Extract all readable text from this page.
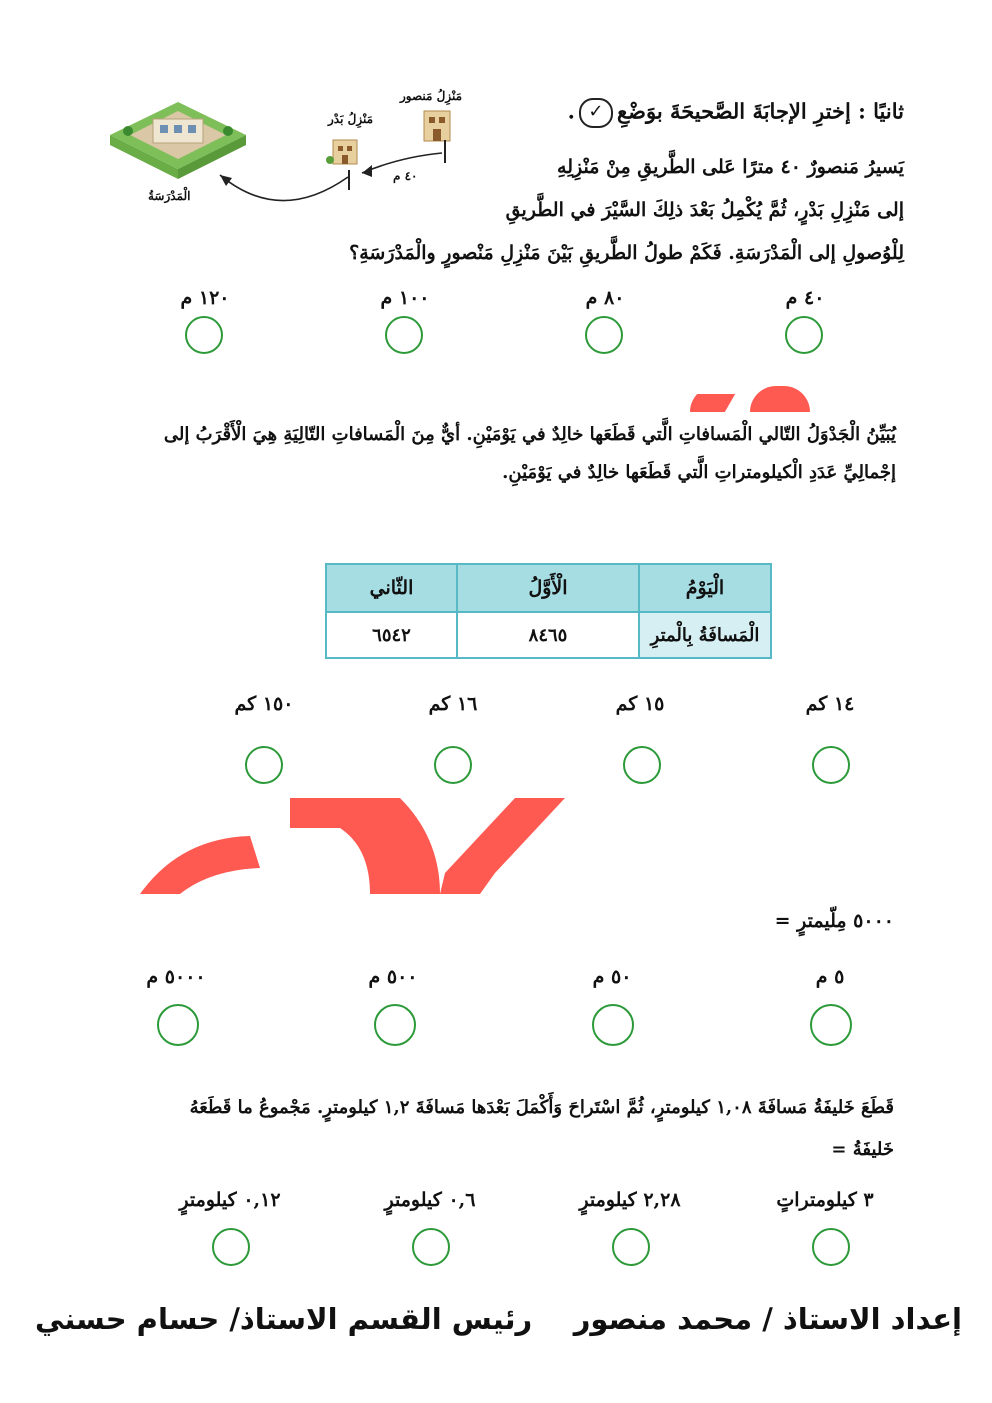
ثانيًا : إخترِ الإجابَةَ الصَّحيحَةَ بوَضْعِ✓.
الْمَدْرَسَةُ
مَنْزِلُ بَدْر
مَنْزِلُ مَنصور
٤٠ م	يَسيرُ مَنصورٌ ٤٠ مترًا عَلى الطَّريقِ مِنْ مَنْزِلِهِ
إلى مَنْزِلِ بَدْرٍ، ثُمَّ يُكْمِلُ بَعْدَ ذلِكَ السَّيْرَ في الطَّريقِ
لِلْوُصولِ إلى الْمَدْرَسَةِ. فَكَمْ طولُ الطَّريقِ بَيْنَ مَنْزِلِ مَنْصورٍ والْمَدْرَسَةِ؟
٤٠ م
٨٠ م
١٠٠ م
١٢٠ م
يُبَيِّنُ الْجَدْوَلُ التّالي الْمَسافاتِ الَّتي قَطَعَها خالِدٌ في يَوْمَيْنِ. أيٌّ مِنَ الْمَسافاتِ التّالِيَةِ هِيَ الْأَقْرَبُ إلى
إجْمالِيِّ عَدَدِ الْكيلومتراتِ الَّتي قَطَعَها خالِدٌ في يَوْمَيْنِ.
الْيَوْمُ	الْأَوَّلُ	الثّاني
الْمَسافَةُ بِالْمترِ	٨٤٦٥	٦٥٤٢
١٤ كم
١٥ كم
١٦ كم
١٥٠ كم
٥٠٠٠ مِلّيمترٍ =
٥ م
٥٠ م
٥٠٠ م
٥٠٠٠ م
قَطَعَ خَليفَةُ مَسافَةَ ١,٠٨ كيلومترٍ، ثُمَّ اسْتَراحَ وَأَكْمَلَ بَعْدَها مَسافَةَ ١,٢ كيلومترٍ. مَجْموعُ ما قَطَعَهُ
خَليفَةُ =
٣ كيلومتراتٍ
٢,٢٨ كيلومترٍ
٠,٦ كيلومترٍ
٠,١٢ كيلومترٍ
إعداد الاستاذ / محمد منصور
رئيس القسم الاستاذ/ حسام حسني
